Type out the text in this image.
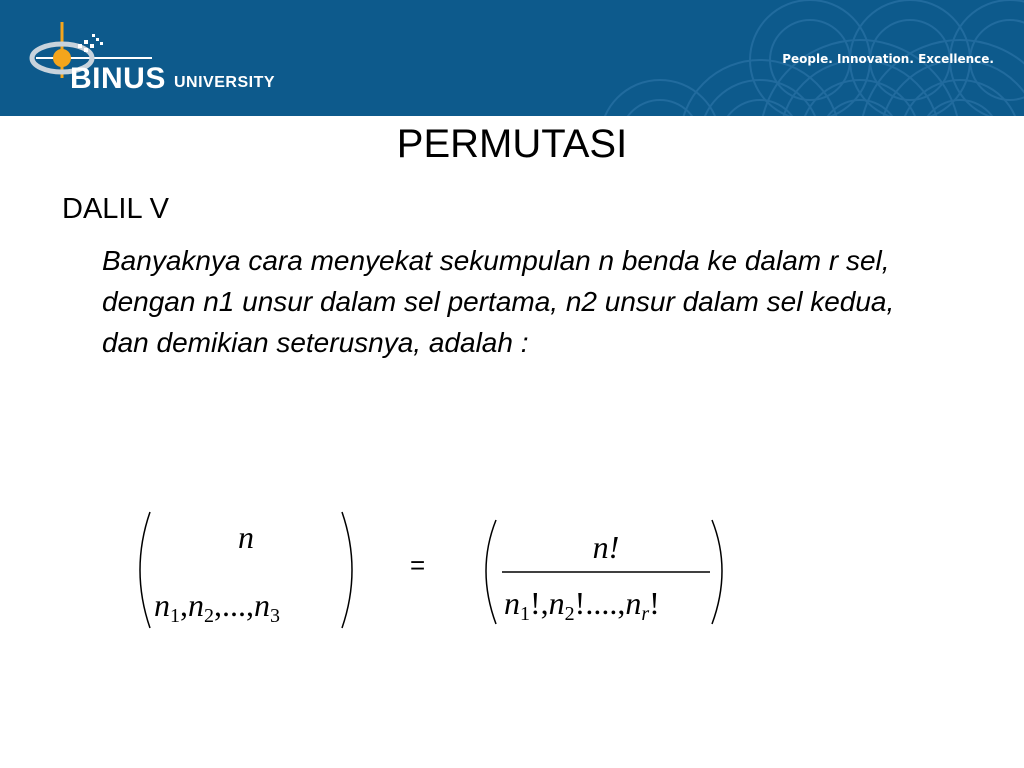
BINUS UNIVERSITY
People. Innovation. Excellence.
PERMUTASI
DALIL V
Banyaknya cara menyekat sekumpulan n benda ke dalam r sel, dengan n1 unsur dalam sel pertama, n2 unsur dalam sel kedua, dan demikian seterusnya, adalah :
n
n1,n2,...,n3
n!
n1!,n2!....,nr!
=
